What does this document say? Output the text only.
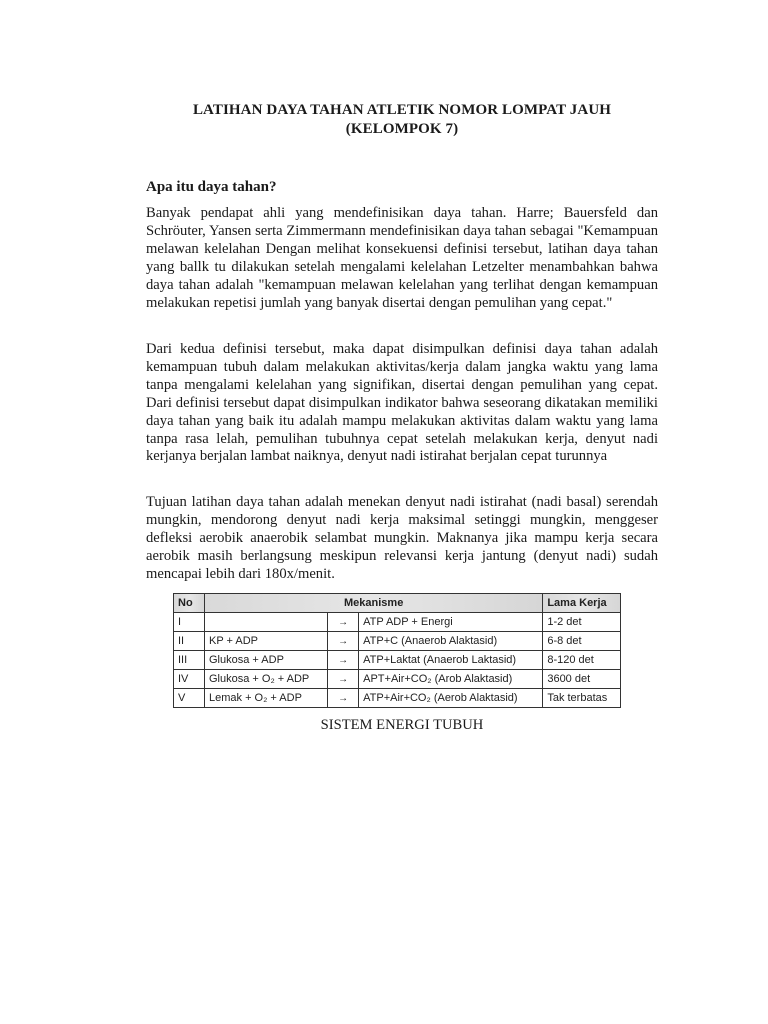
LATIHAN DAYA TAHAN ATLETIK NOMOR LOMPAT JAUH
(KELOMPOK 7)
Apa itu daya tahan?

Banyak pendapat ahli yang mendefinisikan daya tahan. Harre; Bauersfeld dan Schröuter, Yansen serta Zimmermann mendefinisikan daya tahan sebagai "Kemampuan melawan kelelahan Dengan melihat konsekuensi definisi tersebut, latihan daya tahan yang ballk tu dilakukan setelah mengalami kelelahan Letzelter menambahkan bahwa daya tahan adalah "kemampuan melawan kelelahan yang terlihat dengan kemampuan melakukan repetisi jumlah yang banyak disertai dengan pemulihan yang cepat."

Dari kedua definisi tersebut, maka dapat disimpulkan definisi daya tahan adalah kemampuan tubuh dalam melakukan aktivitas/kerja dalam jangka waktu yang lama tanpa mengalami kelelahan yang signifikan, disertai dengan pemulihan yang cepat. Dari definisi tersebut dapat disimpulkan indikator bahwa seseorang dikatakan memiliki daya tahan yang baik itu adalah mampu melakukan aktivitas dalam waktu yang lama tanpa rasa lelah, pemulihan tubuhnya cepat setelah melakukan kerja, denyut nadi kerjanya berjalan lambat naiknya, denyut nadi istirahat berjalan cepat turunnya

Tujuan latihan daya tahan adalah menekan denyut nadi istirahat (nadi basal) serendah mungkin, mendorong denyut nadi kerja maksimal setinggi mungkin, menggeser defleksi aerobik anaerobik selambat mungkin. Maknanya jika mampu kerja secara aerobik masih berlangsung meskipun relevansi kerja jantung (denyut nadi) sudah mencapai lebih dari 180x/menit.

No	Mekanisme			Lama Kerja
I		→	ATP ADP + Energi	1-2 det
II	KP + ADP	→	ATP+C (Anaerob Alaktasid)	6-8 det
III	Glukosa + ADP	→	ATP+Laktat (Anaerob Laktasid)	8-120 det
IV	Glukosa + O₂ + ADP	→	APT+Air+CO₂ (Arob Alaktasid)	3600 det
V	Lemak + O₂ + ADP	→	ATP+Air+CO₂ (Aerob Alaktasid)	Tak terbatas
SISTEM ENERGI TUBUH
